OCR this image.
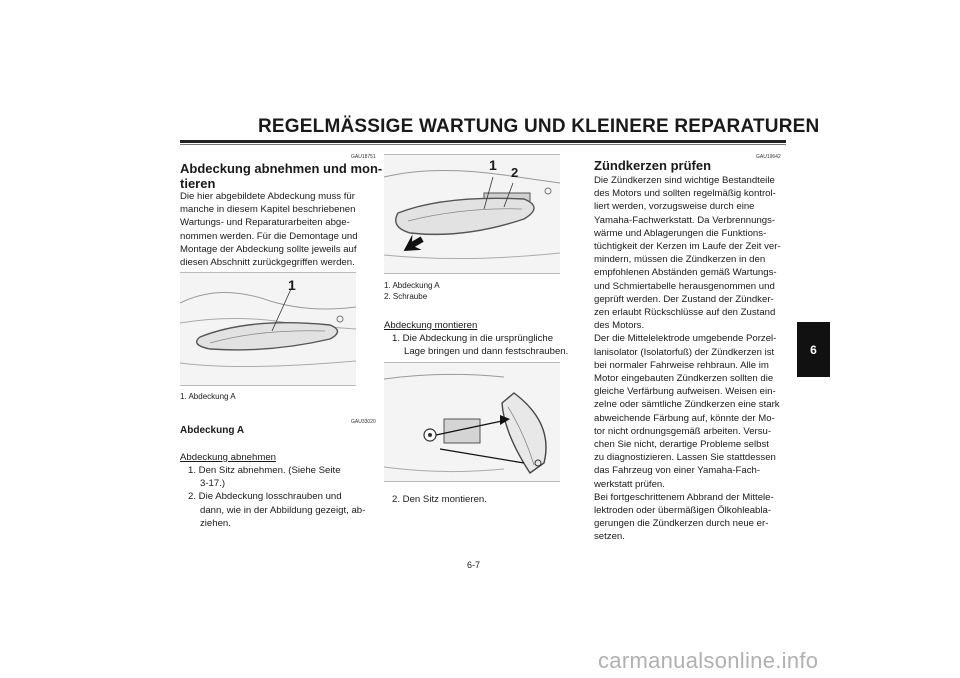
REGELMÄSSIGE WARTUNG UND KLEINERE REPARATUREN
GAU18751
Abdeckung abnehmen und mon-
tieren
Die hier abgebildete Abdeckung muss für
manche in diesem Kapitel beschriebenen
Wartungs- und Reparaturarbeiten abge-
nommen werden. Für die Demontage und
Montage der Abdeckung sollte jeweils auf
diesen Abschnitt zurückgegriffen werden.
1
1. Abdeckung A
GAU33020
Abdeckung A
Abdeckung abnehmen
1. Den Sitz abnehmen. (Siehe Seite
3-17.)
2. Die Abdeckung losschrauben und
dann, wie in der Abbildung gezeigt, ab-
ziehen.
1 2
1. Abdeckung A
2. Schraube
Abdeckung montieren
1. Die Abdeckung in die ursprüngliche
Lage bringen und dann festschrauben.
2. Den Sitz montieren.
GAU19642
Zündkerzen prüfen
Die Zündkerzen sind wichtige Bestandteile
des Motors und sollten regelmäßig kontrol-
liert werden, vorzugsweise durch eine
Yamaha-Fachwerkstatt. Da Verbrennungs-
wärme und Ablagerungen die Funktions-
tüchtigkeit der Kerzen im Laufe der Zeit ver-
mindern, müssen die Zündkerzen in den
empfohlenen Abständen gemäß Wartungs-
und Schmiertabelle herausgenommen und
geprüft werden. Der Zustand der Zündker-
zen erlaubt Rückschlüsse auf den Zustand
des Motors.
Der die Mittelelektrode umgebende Porzel-
lanisolator (Isolatorfuß) der Zündkerzen ist
bei normaler Fahrweise rehbraun. Alle im
Motor eingebauten Zündkerzen sollten die
gleiche Verfärbung aufweisen. Weisen ein-
zelne oder sämtliche Zündkerzen eine stark
abweichende Färbung auf, könnte der Mo-
tor nicht ordnungsgemäß arbeiten. Versu-
chen Sie nicht, derartige Probleme selbst
zu diagnostizieren. Lassen Sie stattdessen
das Fahrzeug von einer Yamaha-Fach-
werkstatt prüfen.
Bei fortgeschrittenem Abbrand der Mittele-
lektroden oder übermäßigen Ölkohleabla-
gerungen die Zündkerzen durch neue er-
setzen.
6
6-7
carmanualsonline.info
